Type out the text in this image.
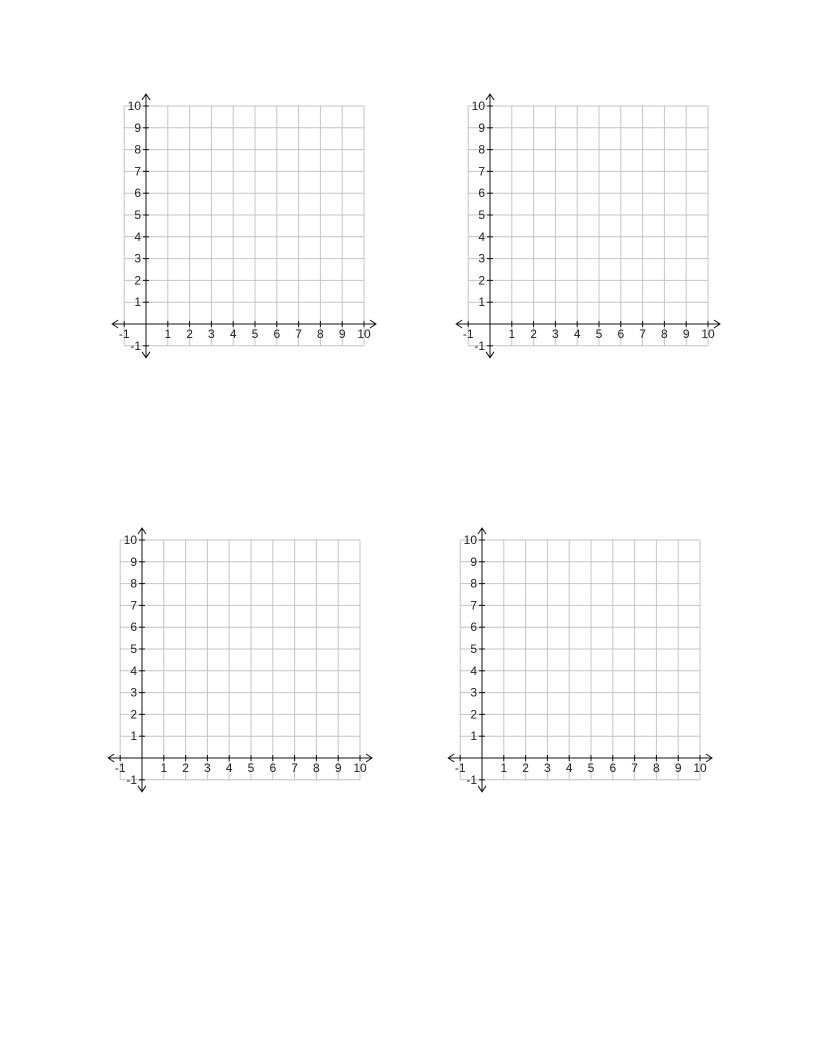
-1	1 2 3 4 5 6 7 8 9 10
10
9
8
7
6
5
4
3
2
1
-1
-1	1 2 3 4 5 6 7 8 9 10
10
9
8
7
6
5
4
3
2
1
-1
-1	1 2 3 4 5 6 7 8 9 10
10
9
8
7
6
5
4
3
2
1
-1
-1	1 2 3 4 5 6 7 8 9 10
10
9
8
7
6
5
4
3
2
1
-1
